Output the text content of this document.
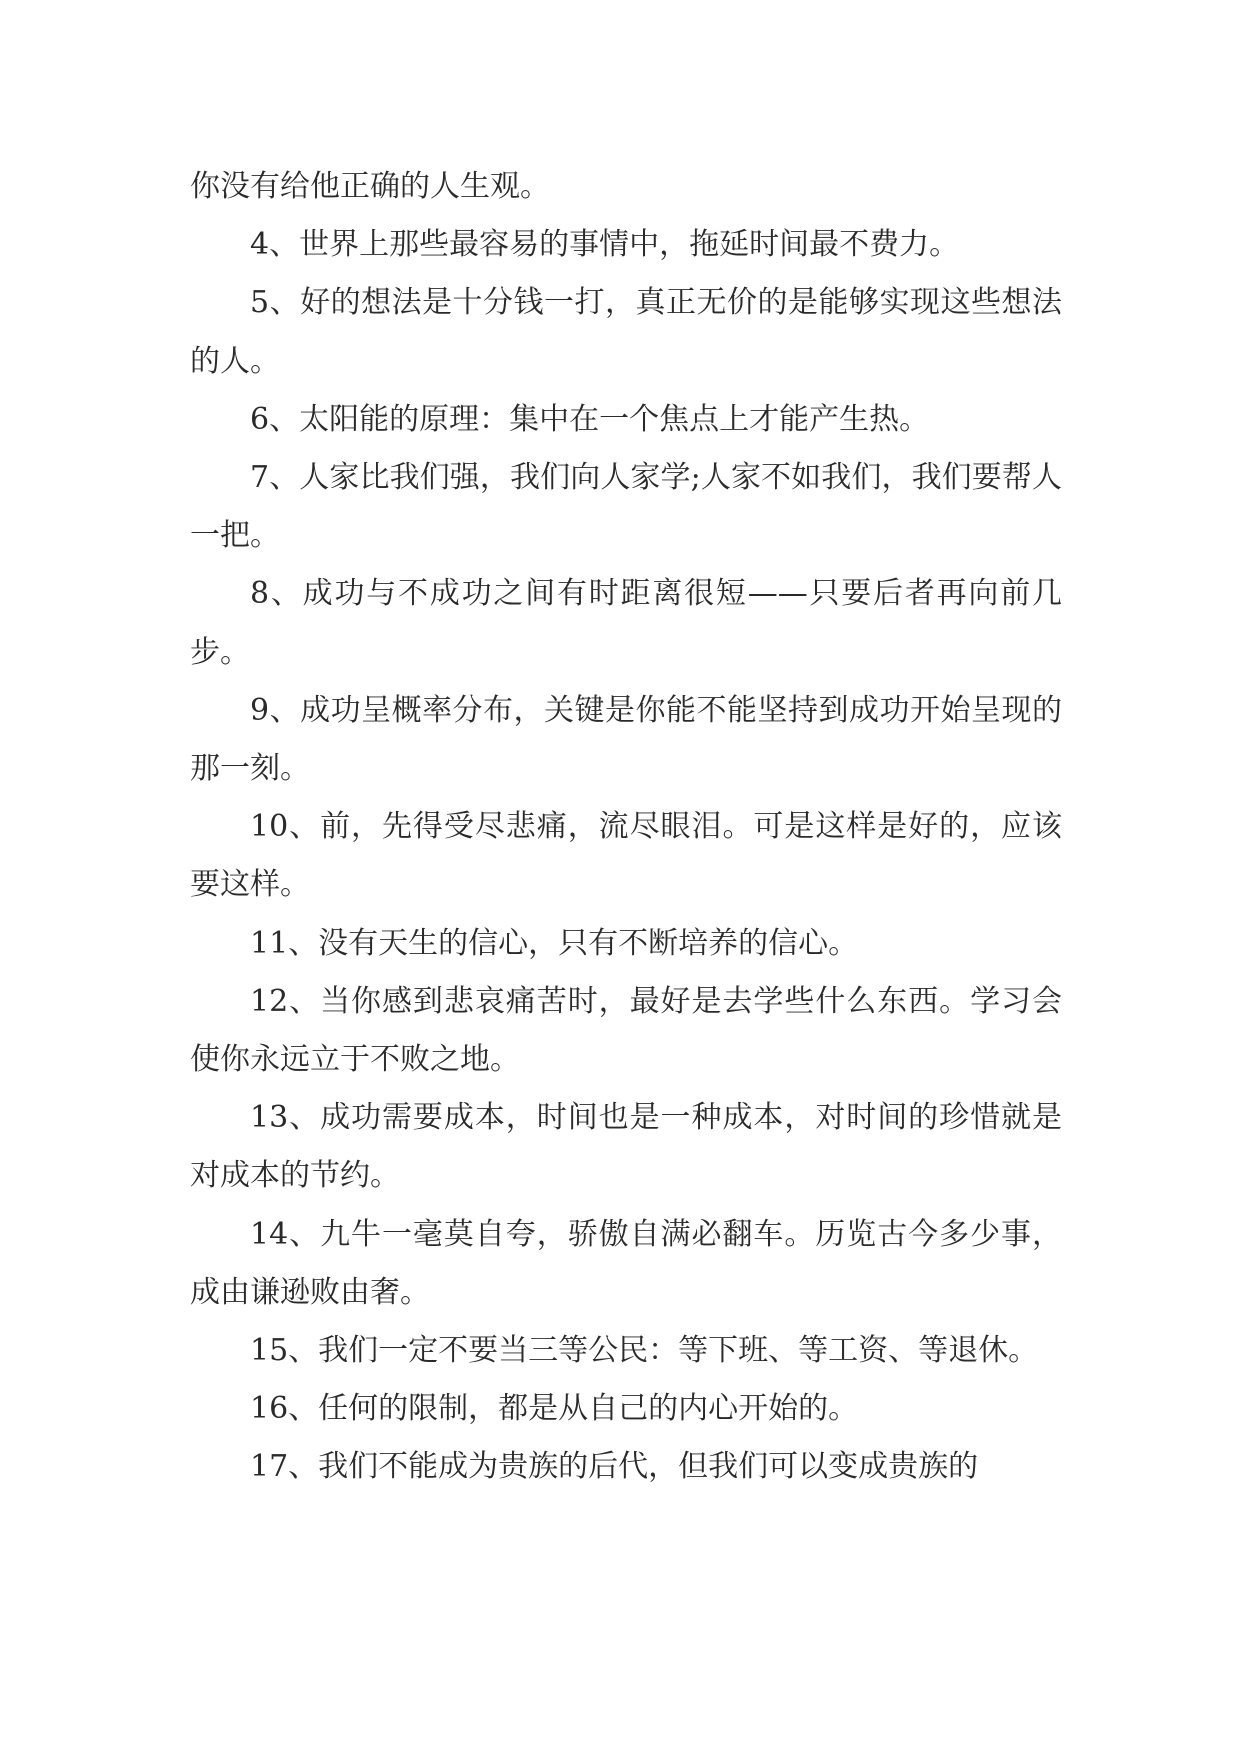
你没有给他正确的人生观。

4、世界上那些最容易的事情中，拖延时间最不费力。

5、好的想法是十分钱一打，真正无价的是能够实现这些想法的人。

6、太阳能的原理：集中在一个焦点上才能产生热。

7、人家比我们强，我们向人家学;人家不如我们，我们要帮人一把。

8、成功与不成功之间有时距离很短——只要后者再向前几步。

9、成功呈概率分布，关键是你能不能坚持到成功开始呈现的那一刻。

10、前，先得受尽悲痛，流尽眼泪。可是这样是好的，应该要这样。

11、没有天生的信心，只有不断培养的信心。

12、当你感到悲哀痛苦时，最好是去学些什么东西。学习会使你永远立于不败之地。

13、成功需要成本，时间也是一种成本，对时间的珍惜就是对成本的节约。

14、九牛一毫莫自夸，骄傲自满必翻车。历览古今多少事，成由谦逊败由奢。

15、我们一定不要当三等公民：等下班、等工资、等退休。

16、任何的限制，都是从自己的内心开始的。

17、我们不能成为贵族的后代，但我们可以变成贵族的
